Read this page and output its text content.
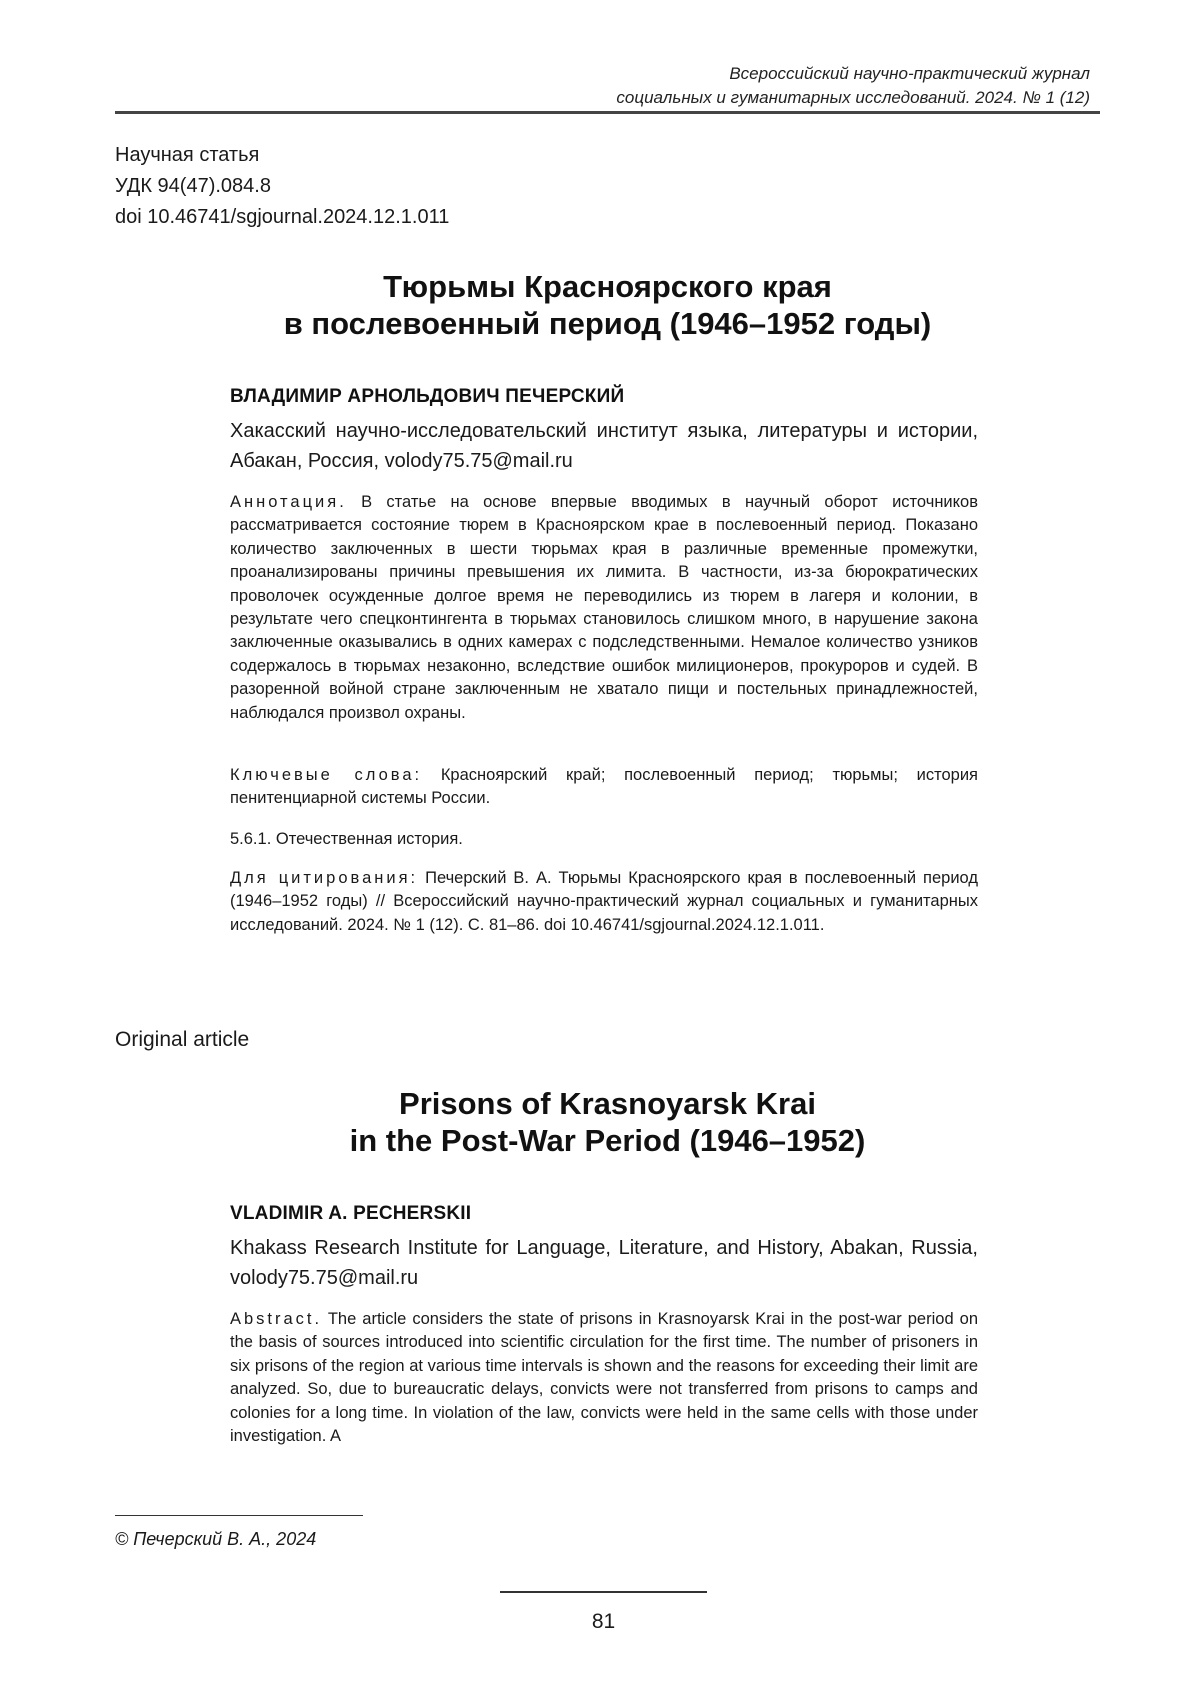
Всероссийский научно-практический журнал
социальных и гуманитарных исследований. 2024. № 1 (12)
Научная статья
УДК 94(47).084.8
doi 10.46741/sgjournal.2024.12.1.011
Тюрьмы Красноярского края
в послевоенный период (1946–1952 годы)
ВЛАДИМИР АРНОЛЬДОВИЧ ПЕЧЕРСКИЙ
Хакасский научно-исследовательский институт языка, литературы и истории, Абакан, Россия, volody75.75@mail.ru

Аннотация. В статье на основе впервые вводимых в научный оборот источников рассматривается состояние тюрем в Красноярском крае в послевоенный период. Показано количество заключенных в шести тюрьмах края в различные временные промежутки, проанализированы причины превышения их лимита. В частности, из-за бюрократических проволочек осужденные долгое время не переводились из тюрем в лагеря и колонии, в результате чего спецконтингента в тюрьмах становилось слишком много, в нарушение закона заключенные оказывались в одних камерах с подследственными. Немалое количество узников содержалось в тюрьмах незаконно, вследствие ошибок милиционеров, прокуроров и судей. В разоренной войной стране заключенным не хватало пищи и постельных принадлежностей, наблюдался произвол охраны.

Ключевые слова: Красноярский край; послевоенный период; тюрьмы; история пенитенциарной системы России.

5.6.1. Отечественная история.

Для цитирования: Печерский В. А. Тюрьмы Красноярского края в послевоенный период (1946–1952 годы) // Всероссийский научно-практический журнал социальных и гуманитарных исследований. 2024. № 1 (12). С. 81–86. doi 10.46741/sgjournal.2024.12.1.011.

Original article
Prisons of Krasnoyarsk Krai
in the Post-War Period (1946–1952)
VLADIMIR A. PECHERSKII
Khakass Research Institute for Language, Literature, and History, Abakan, Russia, volody75.75@mail.ru

Abstract. The article considers the state of prisons in Krasnoyarsk Krai in the post-war period on the basis of sources introduced into scientific circulation for the first time. The number of prisoners in six prisons of the region at various time intervals is shown and the reasons for exceeding their limit are analyzed. So, due to bureaucratic delays, convicts were not transferred from prisons to camps and colonies for a long time. In violation of the law, convicts were held in the same cells with those under investigation. A

© Печерский В. А., 2024
81
